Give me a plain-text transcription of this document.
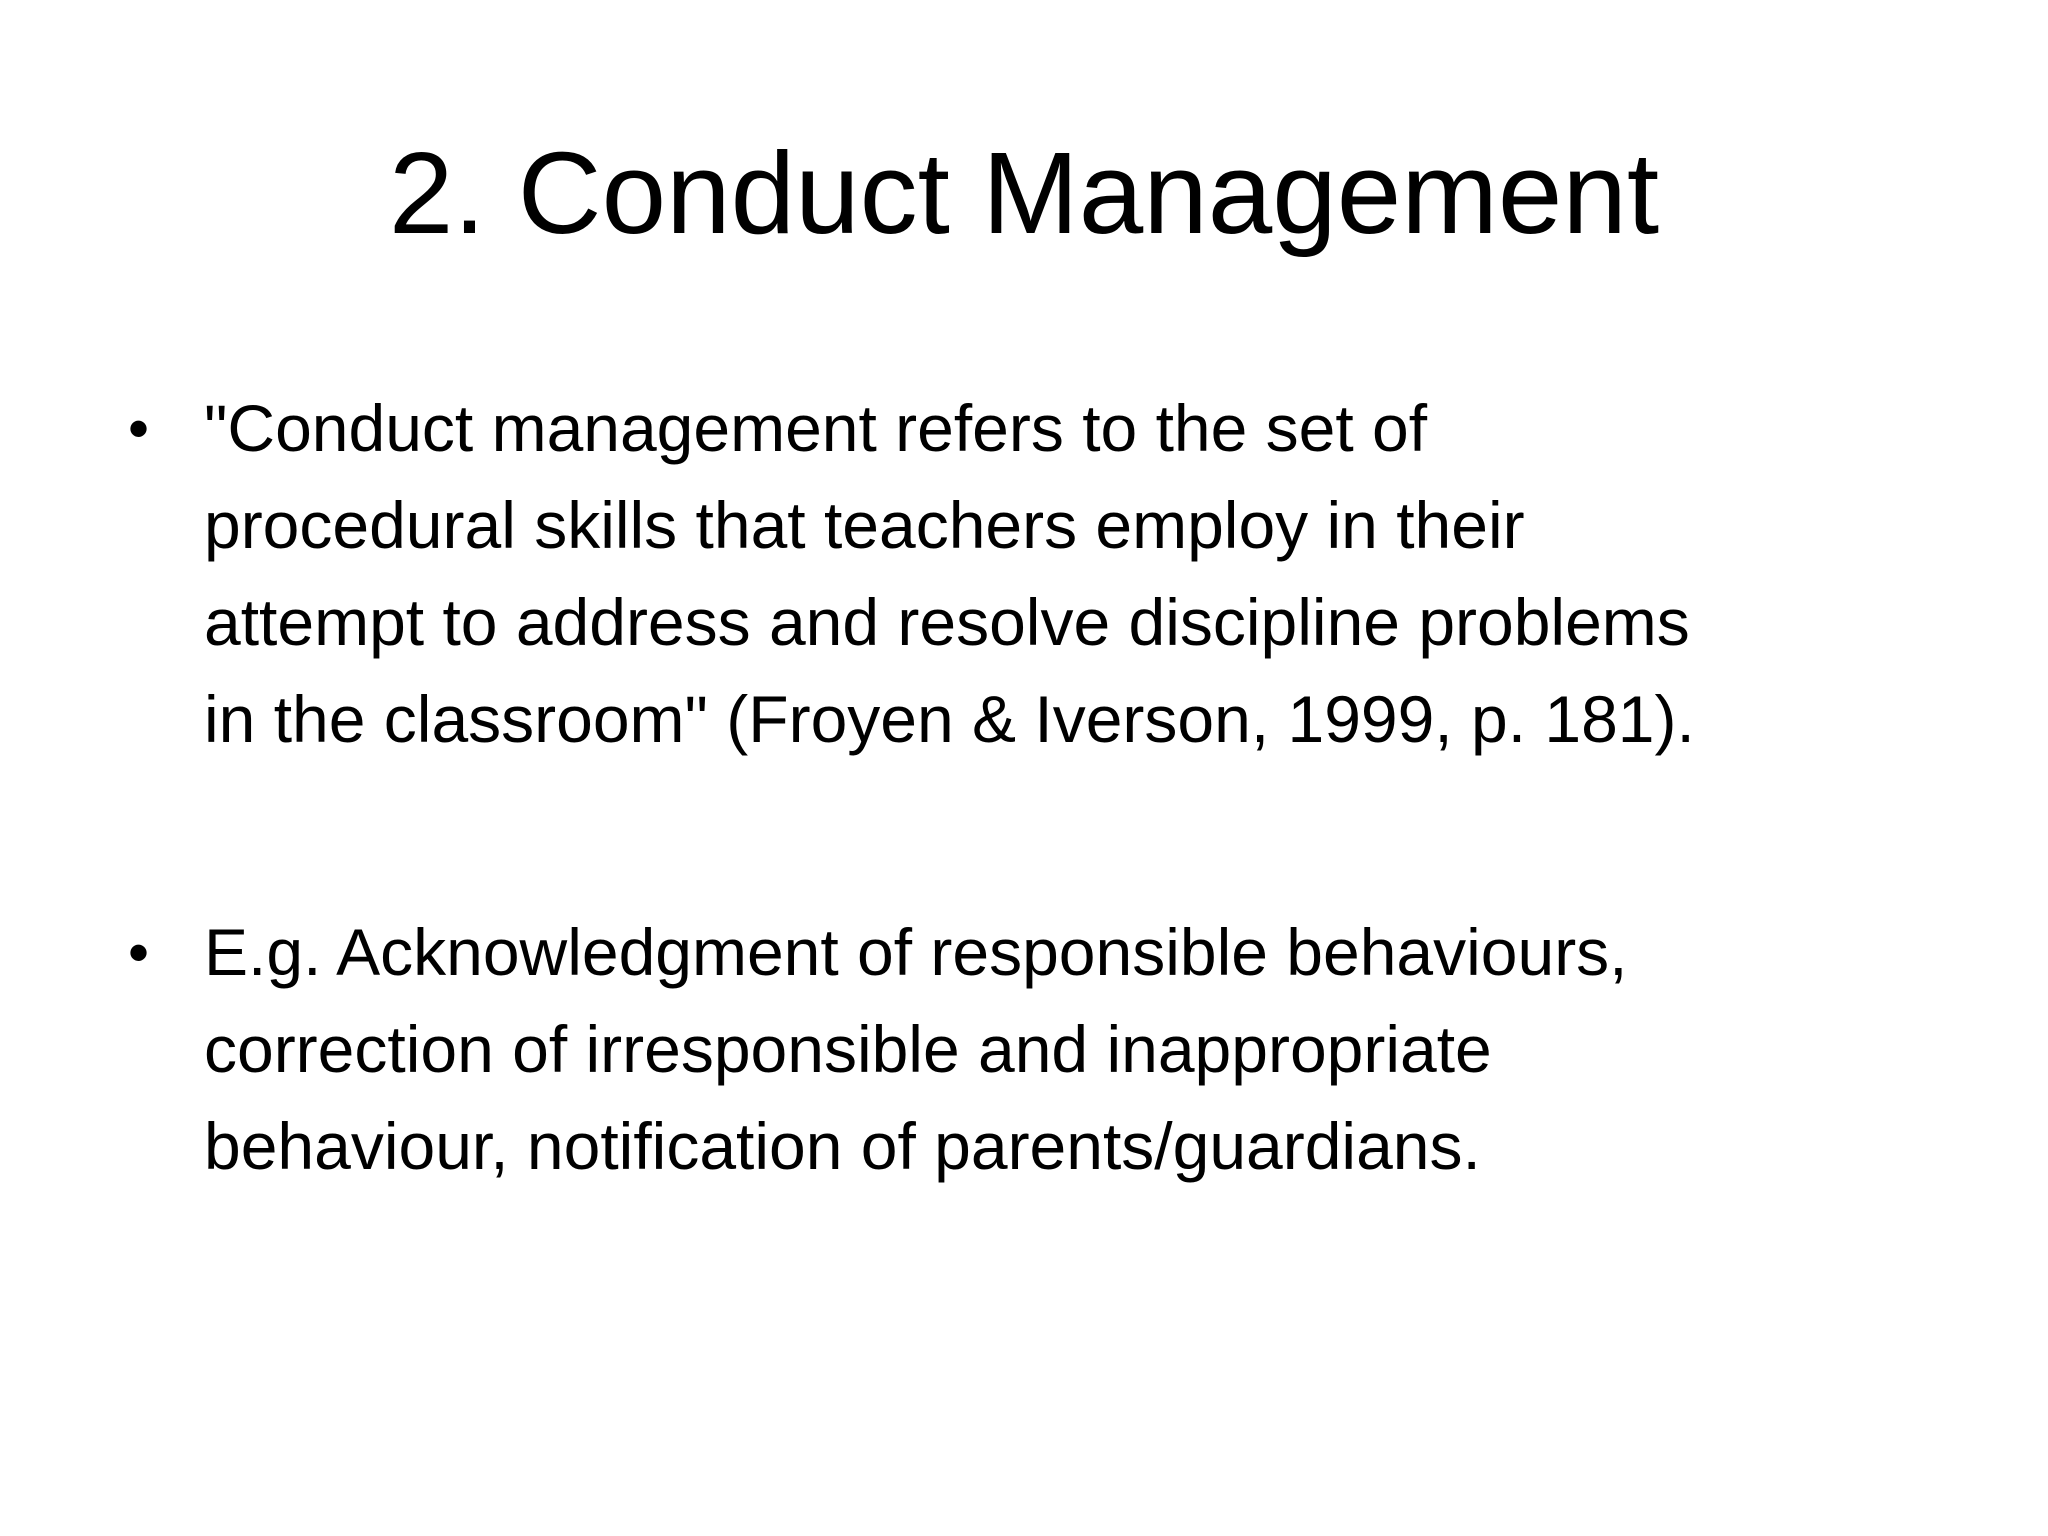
2. Conduct Management
• "Conduct management refers to the set of
procedural skills that teachers employ in their
attempt to address and resolve discipline problems
in the classroom" (Froyen & Iverson, 1999, p. 181).
• E.g. Acknowledgment of responsible behaviours,
correction of irresponsible and inappropriate
behaviour, notification of parents/guardians.
